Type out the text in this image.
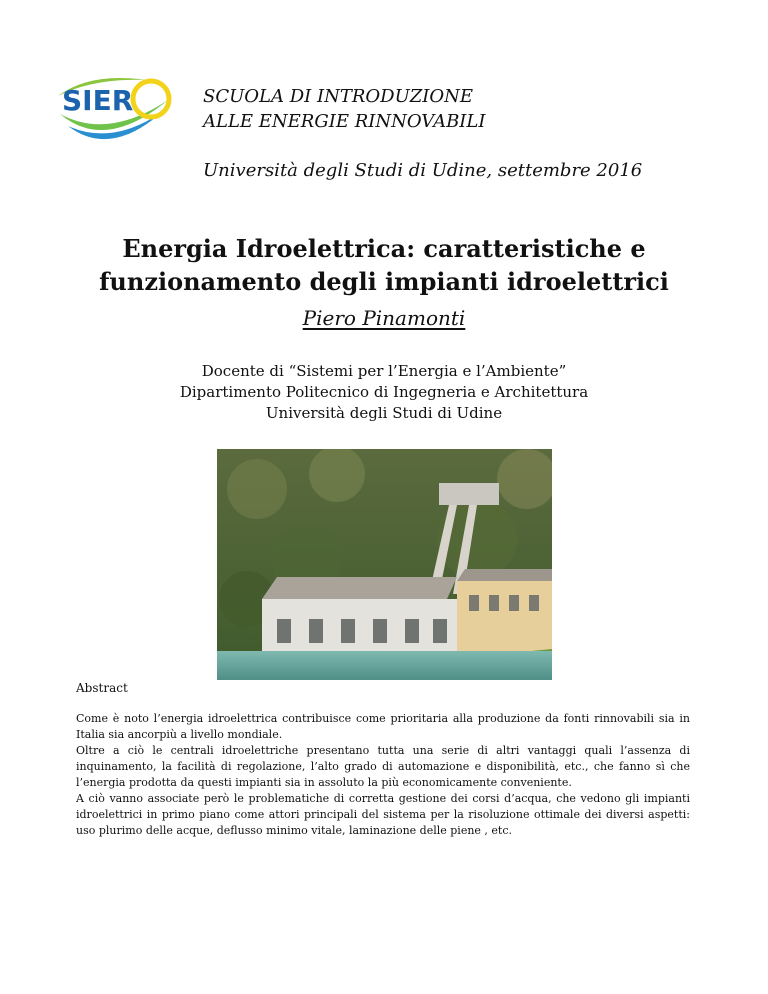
SIER	SCUOLA DI INTRODUZIONE
ALLE ENERGIE RINNOVABILI
Università degli Studi di Udine, settembre 2016
Energia Idroelettrica: caratteristiche e
funzionamento degli impianti idroelettrici
Piero Pinamonti
Docente di “Sistemi per l’Energia e l’Ambiente”
Dipartimento Politecnico di Ingegneria e Architettura
Università degli Studi di Udine
Abstract

Come è noto l’energia idroelettrica contribuisce come prioritaria alla produzione da fonti rinnovabili sia in Italia sia ancorpiù a livello mondiale.

Oltre a ciò le centrali idroelettriche presentano tutta una serie di altri vantaggi quali l’assenza di inquinamento, la facilità di regolazione, l’alto grado di automazione e disponibilità, etc., che fanno sì che l’energia prodotta da questi impianti sia in assoluto la più economicamente conveniente.

A ciò vanno associate però le problematiche di corretta gestione dei corsi d’acqua, che vedono gli impianti idroelettrici in primo piano come attori principali del sistema per la risoluzione ottimale dei diversi aspetti: uso plurimo delle acque, deflusso minimo vitale, laminazione delle piene , etc.
